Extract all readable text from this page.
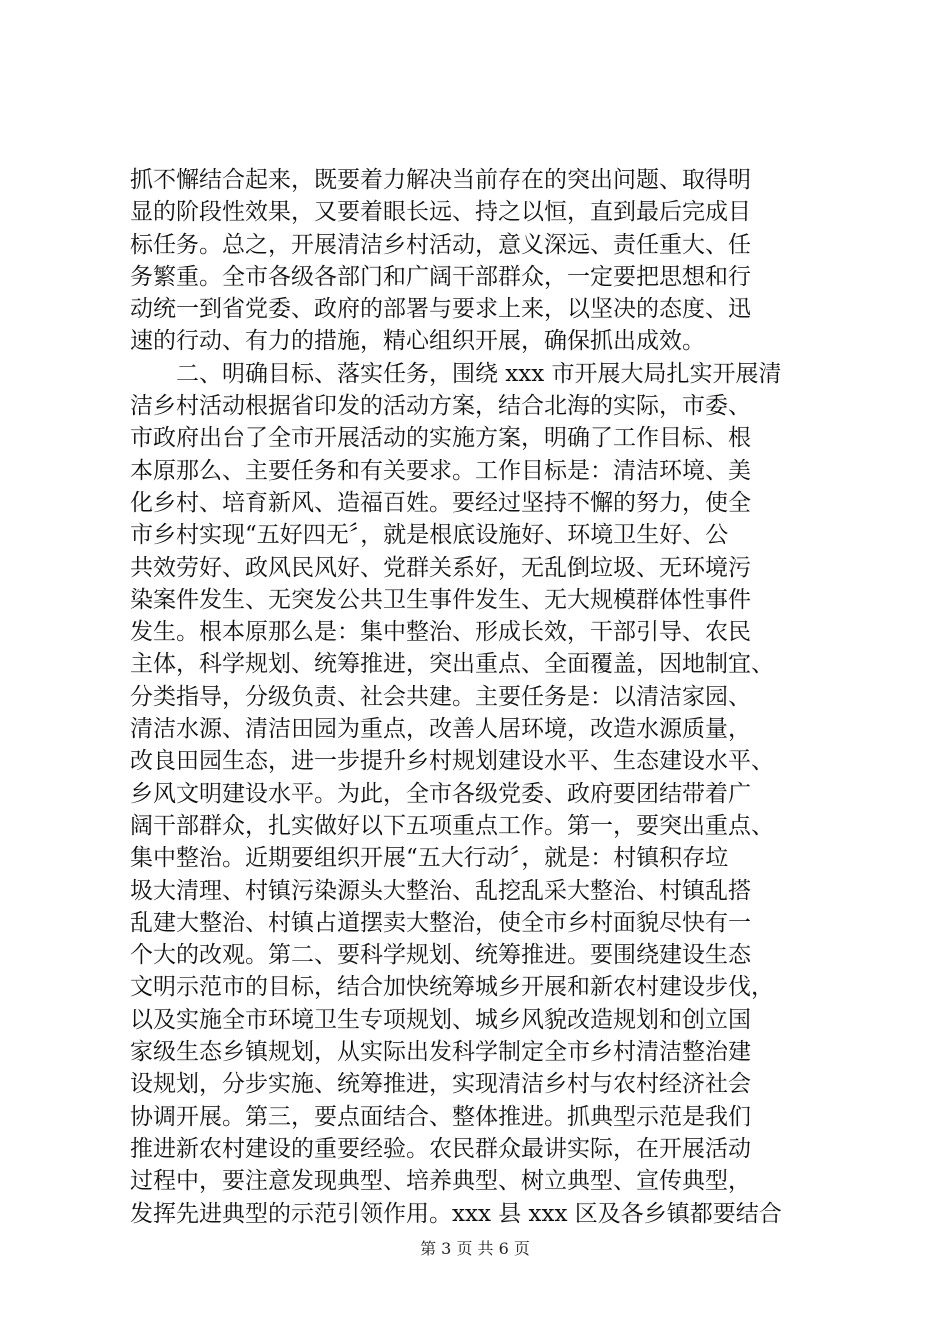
抓不懈结合起来，既要着力解决当前存在的突出问题、取得明
显的阶段性效果，又要着眼长远、持之以恒，直到最后完成目
标任务。总之，开展清洁乡村活动，意义深远、责任重大、任
务繁重。全市各级各部门和广阔干部群众，一定要把思想和行
动统一到省党委、政府的部署与要求上来，以坚决的态度、迅
速的行动、有力的措施，精心组织开展，确保抓出成效。
　　二、明确目标、落实任务，围绕 xxx 市开展大局扎实开展清
洁乡村活动根据省印发的活动方案，结合北海的实际，市委、
市政府出台了全市开展活动的实施方案，明确了工作目标、根
本原那么、主要任务和有关要求。工作目标是：清洁环境、美
化乡村、培育新风、造福百姓。要经过坚持不懈的努力，使全
市乡村实现“五好四无〞，就是根底设施好、环境卫生好、公
共效劳好、政风民风好、党群关系好，无乱倒垃圾、无环境污
染案件发生、无突发公共卫生事件发生、无大规模群体性事件
发生。根本原那么是：集中整治、形成长效，干部引导、农民
主体，科学规划、统筹推进，突出重点、全面覆盖，因地制宜、
分类指导，分级负责、社会共建。主要任务是：以清洁家园、
清洁水源、清洁田园为重点，改善人居环境，改造水源质量，
改良田园生态，进一步提升乡村规划建设水平、生态建设水平、
乡风文明建设水平。为此，全市各级党委、政府要团结带着广
阔干部群众，扎实做好以下五项重点工作。第一，要突出重点、
集中整治。近期要组织开展“五大行动〞，就是：村镇积存垃
圾大清理、村镇污染源头大整治、乱挖乱采大整治、村镇乱搭
乱建大整治、村镇占道摆卖大整治，使全市乡村面貌尽快有一
个大的改观。第二、要科学规划、统筹推进。要围绕建设生态
文明示范市的目标，结合加快统筹城乡开展和新农村建设步伐，
以及实施全市环境卫生专项规划、城乡风貌改造规划和创立国
家级生态乡镇规划，从实际出发科学制定全市乡村清洁整治建
设规划，分步实施、统筹推进，实现清洁乡村与农村经济社会
协调开展。第三，要点面结合、整体推进。抓典型示范是我们
推进新农村建设的重要经验。农民群众最讲实际，在开展活动
过程中，要注意发现典型、培养典型、树立典型、宣传典型，
发挥先进典型的示范引领作用。xxx 县 xxx 区及各乡镇都要结合
第 3 页 共 6 页
